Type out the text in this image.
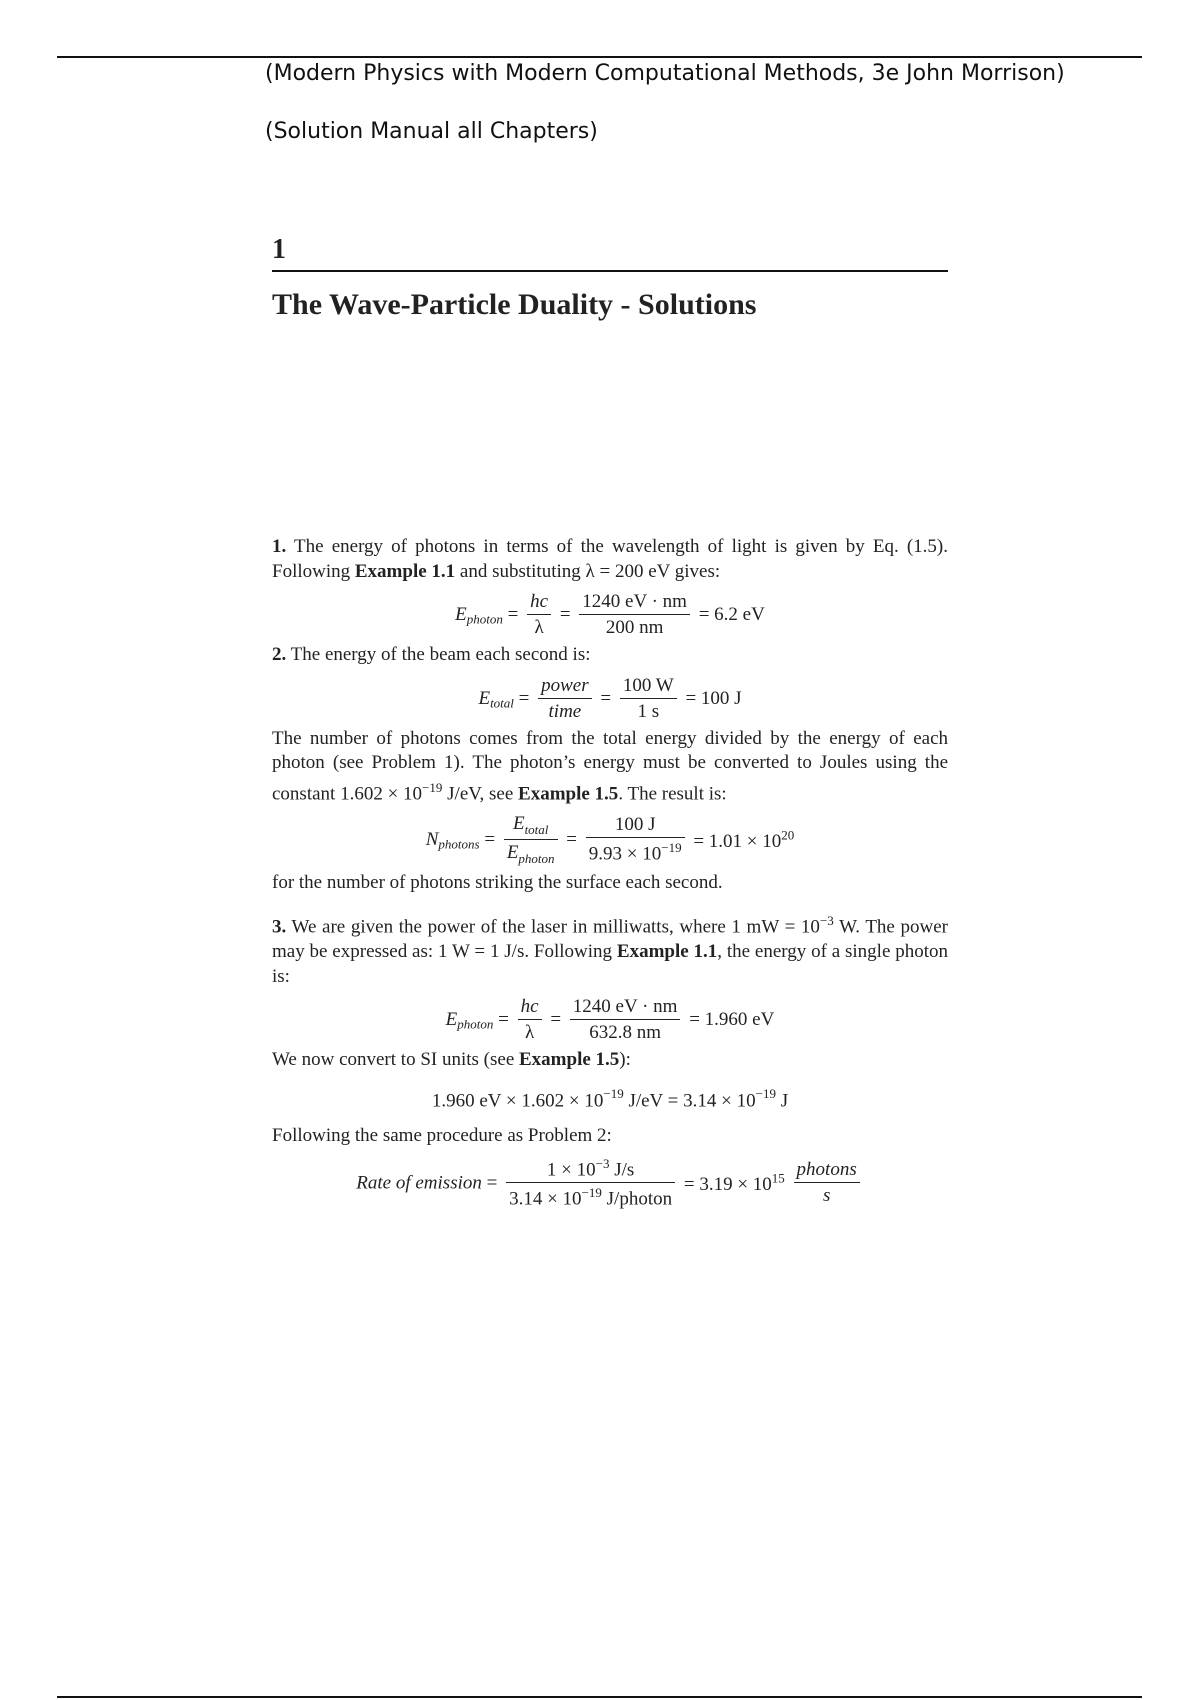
(Modern Physics with Modern Computational Methods, 3e John Morrison)
(Solution Manual all Chapters)
1
The Wave-Particle Duality - Solutions

1. The energy of photons in terms of the wavelength of light is given by Eq. (1.5). Following Example 1.1 and substituting λ = 200 eV gives:

$E_{photon} = \frac{hc}{\lambda} = \frac{1240 eV \cdot nm}{200 nm} = 6.2$ eV

2. The energy of the beam each second is:

$E_{total} = \frac{\text{power}}{\text{time}} = \frac{100 W}{1 s} = 100$ J

The number of photons comes from the total energy divided by the energy of each photon (see Problem 1). The photon’s energy must be converted to Joules using the constant $1.602 \times 10^{-19}$ J/eV, see Example 1.5. The result is:

$N_{photons} = \frac{E_{total}}{E_{photon}} = \frac{100 J}{9.93 \times 10^{-19}} = 1.01 \times 10^{20}$

for the number of photons striking the surface each second.

3. We are given the power of the laser in milliwatts, where 1 mW = $10^{-3}$ W. The power may be expressed as: 1 W = 1 J/s. Following Example 1.1, the energy of a single photon is:

$E_{photon} = \frac{hc}{\lambda} = \frac{1240 eV \cdot nm}{632.8 nm} = 1.960$ eV

We now convert to SI units (see Example 1.5):

1.960 eV × $1.602 \times 10^{-19}$ $J/eV = 3.14 \times 10^{-19}$ J

Following the same procedure as Problem 2:

Rate of emission = $\frac{1 \times 10^{-3} J/s}{3.14 \times 10^{-19} J/photon} = 3.19 \times 10^{15} \frac{\text{photons}}{s}$
